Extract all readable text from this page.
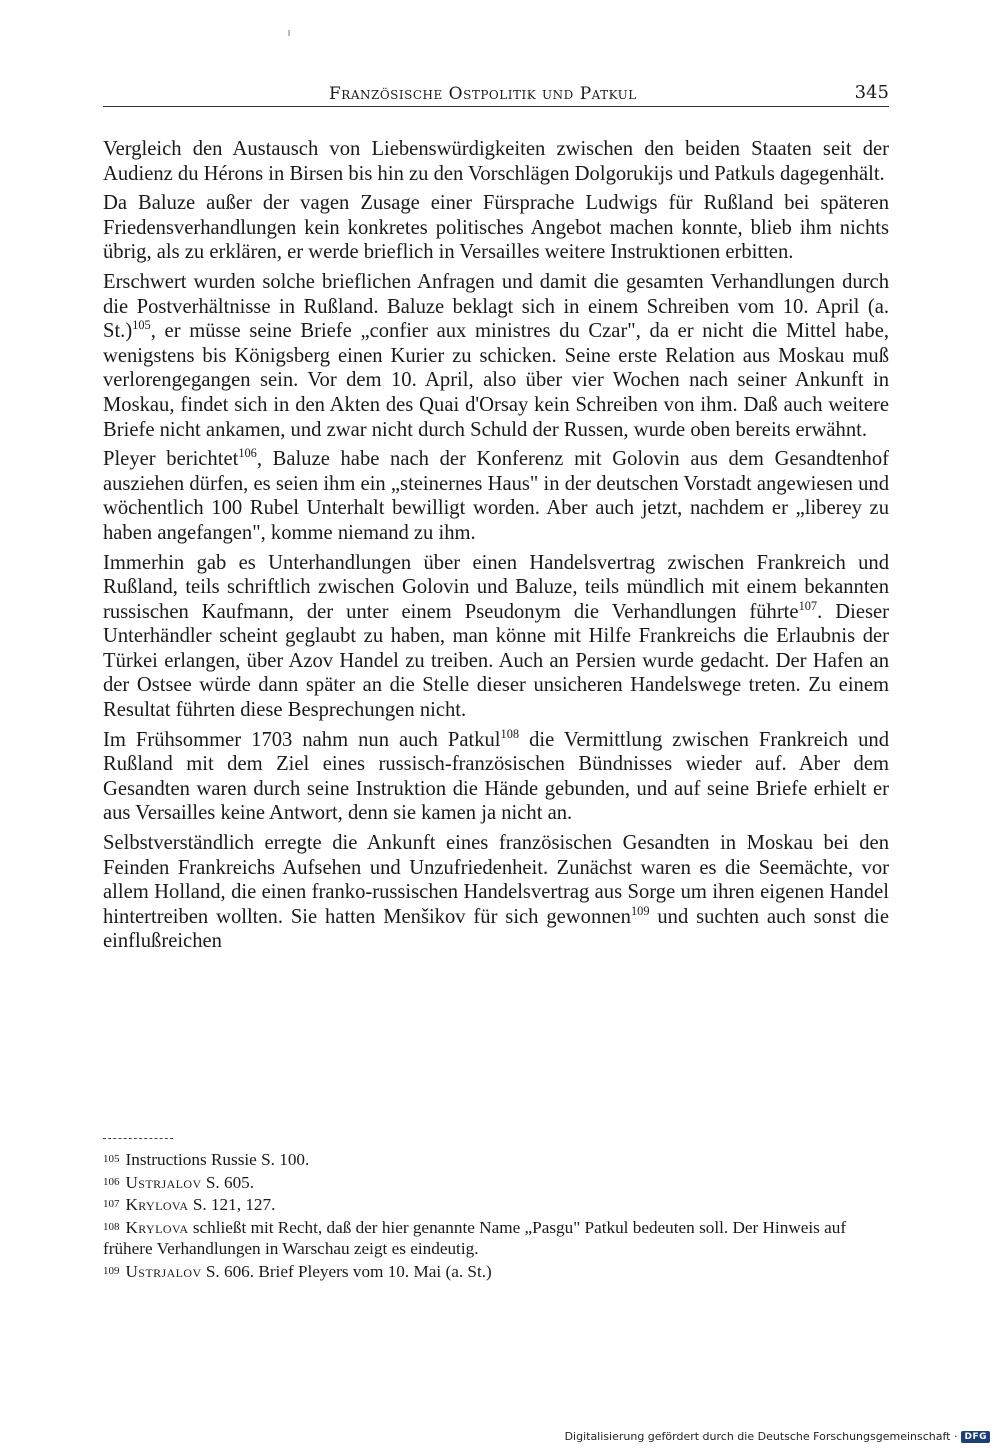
Französische Ostpolitik und Patkul	345

Vergleich den Austausch von Liebenswürdigkeiten zwischen den beiden Staaten seit der Audienz du Hérons in Birsen bis hin zu den Vorschlägen Dolgorukijs und Patkuls dagegenhält.

Da Baluze außer der vagen Zusage einer Fürsprache Ludwigs für Rußland bei späteren Friedensverhandlungen kein konkretes politisches Angebot machen konnte, blieb ihm nichts übrig, als zu erklären, er werde brieflich in Versailles weitere Instruktionen erbitten.

Erschwert wurden solche brieflichen Anfragen und damit die gesamten Verhandlungen durch die Postverhältnisse in Rußland. Baluze beklagt sich in einem Schreiben vom 10. April (a. St.)$^{105}$, er müsse seine Briefe „confier aux ministres du Czar", da er nicht die Mittel habe, wenigstens bis Königsberg einen Kurier zu schicken. Seine erste Relation aus Moskau muß verlorengegangen sein. Vor dem 10. April, also über vier Wochen nach seiner Ankunft in Moskau, findet sich in den Akten des Quai d'Orsay kein Schreiben von ihm. Daß auch weitere Briefe nicht ankamen, und zwar nicht durch Schuld der Russen, wurde oben bereits erwähnt.

Pleyer berichtet$^{106}$, Baluze habe nach der Konferenz mit Golovin aus dem Gesandtenhof ausziehen dürfen, es seien ihm ein „steinernes Haus" in der deutschen Vorstadt angewiesen und wöchentlich 100 Rubel Unterhalt bewilligt worden. Aber auch jetzt, nachdem er „liberey zu haben angefangen", komme niemand zu ihm.

Immerhin gab es Unterhandlungen über einen Handelsvertrag zwischen Frankreich und Rußland, teils schriftlich zwischen Golovin und Baluze, teils mündlich mit einem bekannten russischen Kaufmann, der unter einem Pseudonym die Verhandlungen führte$^{107}$. Dieser Unterhändler scheint geglaubt zu haben, man könne mit Hilfe Frankreichs die Erlaubnis der Türkei erlangen, über Azov Handel zu treiben. Auch an Persien wurde gedacht. Der Hafen an der Ostsee würde dann später an die Stelle dieser unsicheren Handelswege treten. Zu einem Resultat führten diese Besprechungen nicht.

Im Frühsommer 1703 nahm nun auch Patkul$^{108}$ die Vermittlung zwischen Frankreich und Rußland mit dem Ziel eines russisch-französischen Bündnisses wieder auf. Aber dem Gesandten waren durch seine Instruktion die Hände gebunden, und auf seine Briefe erhielt er aus Versailles keine Antwort, denn sie kamen ja nicht an.

Selbstverständlich erregte die Ankunft eines französischen Gesandten in Moskau bei den Feinden Frankreichs Aufsehen und Unzufriedenheit. Zunächst waren es die Seemächte, vor allem Holland, die einen franko-russischen Handelsvertrag aus Sorge um ihren eigenen Handel hintertreiben wollten. Sie hatten Menšikov für sich gewonnen$^{109}$ und suchten auch sonst die einflußreichen

$^{105}$ Instructions Russie S. 100.
$^{106}$ Ustrjalov S. 605.
$^{107}$ Krylova S. 121, 127.
$^{108}$ Krylova schließt mit Recht, daß der hier genannte Name „Pasgu" Patkul bedeuten soll. Der Hinweis auf frühere Verhandlungen in Warschau zeigt es eindeutig.
$^{109}$ Ustrjalov S. 606. Brief Pleyers vom 10. Mai (a. St.)
Digitalisierung gefördert durch die Deutsche Forschungsgemeinschaft · DFG
